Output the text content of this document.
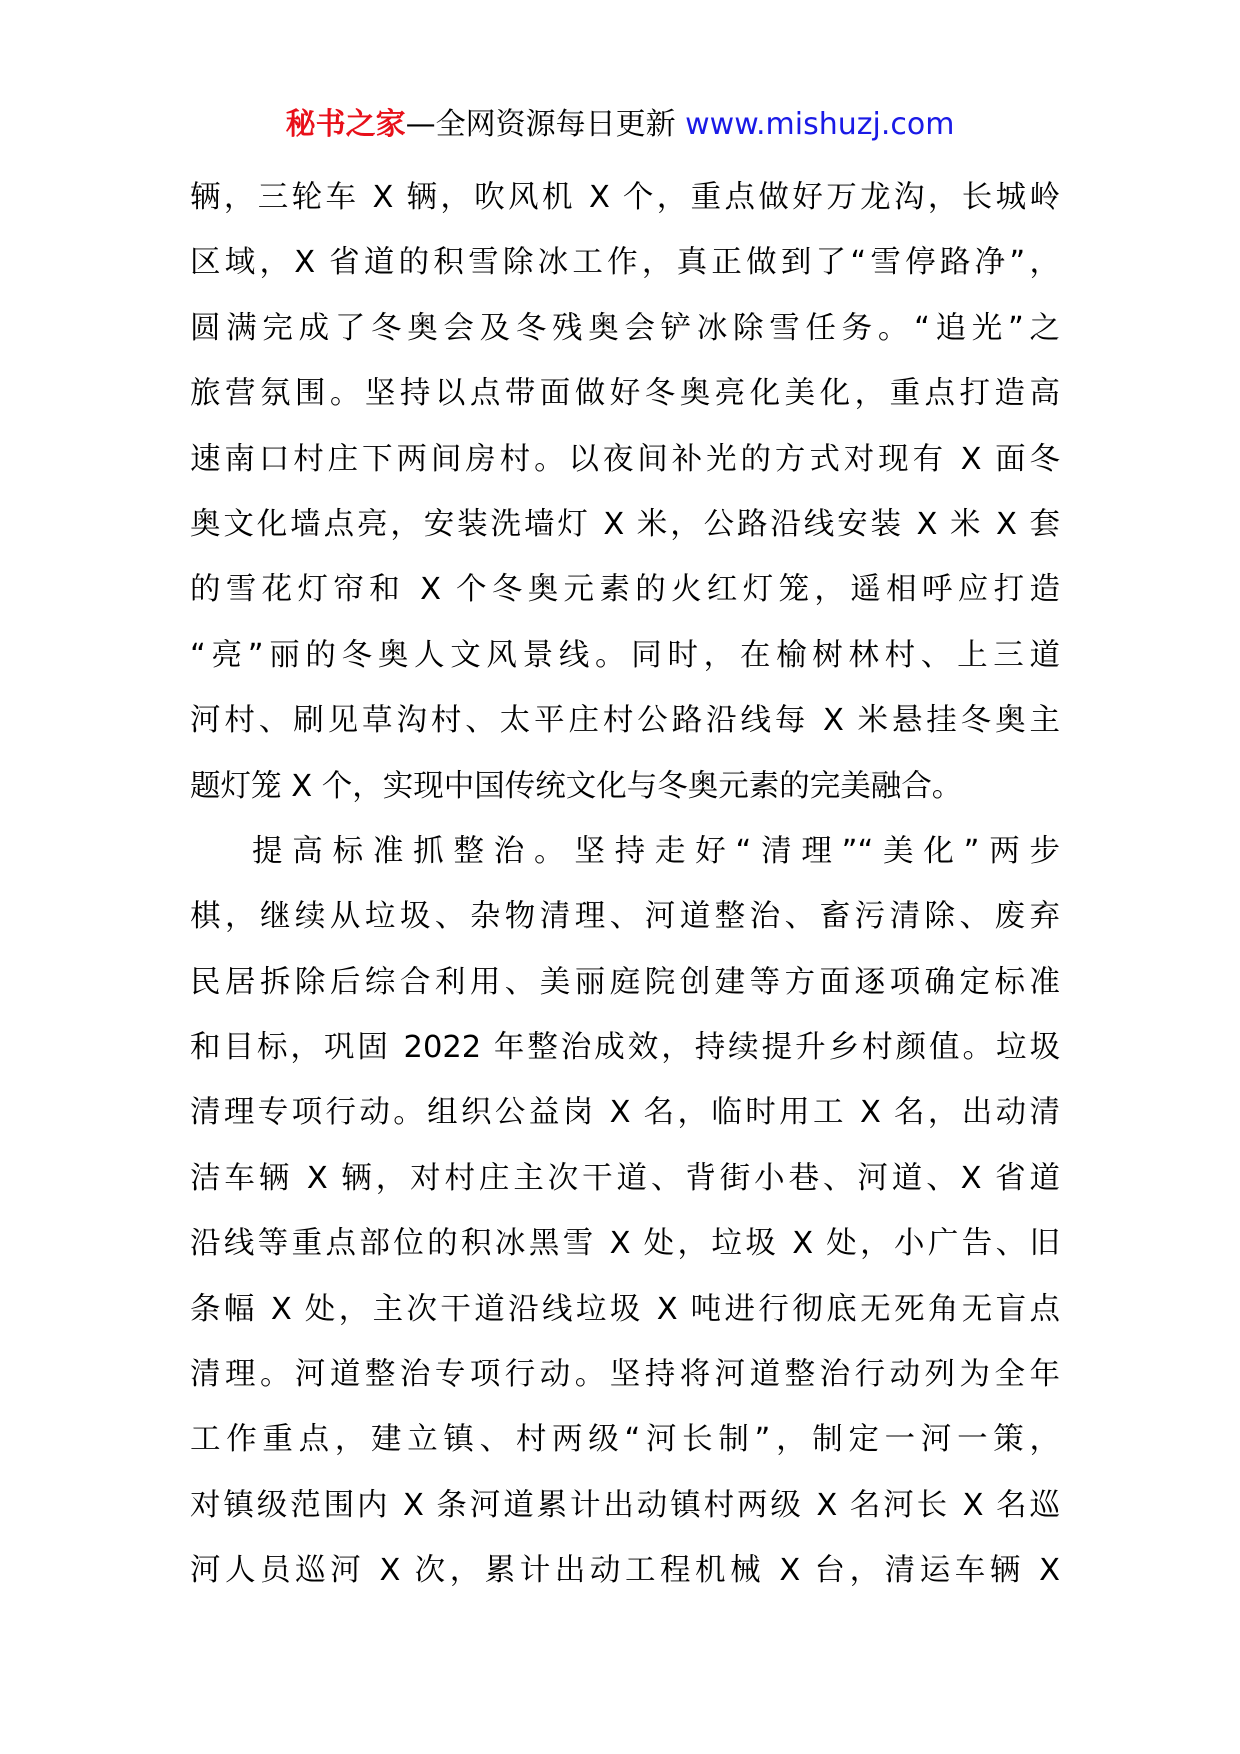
秘书之家—全网资源每日更新 www.mishuzj.com
辆，三轮车 X 辆，吹风机 X 个，重点做好万龙沟，长城岭
区域，X 省道的积雪除冰工作，真正做到了“雪停路净”，
圆满完成了冬奥会及冬残奥会铲冰除雪任务。“追光”之
旅营氛围。坚持以点带面做好冬奥亮化美化，重点打造高
速南口村庄下两间房村。以夜间补光的方式对现有 X 面冬
奥文化墙点亮，安装洗墙灯 X 米，公路沿线安装 X 米 X 套
的雪花灯帘和 X 个冬奥元素的火红灯笼，遥相呼应打造
“亮”丽的冬奥人文风景线。同时，在榆树林村、上三道
河村、刷见草沟村、太平庄村公路沿线每 X 米悬挂冬奥主
题灯笼 X 个，实现中国传统文化与冬奥元素的完美融合。
提高标准抓整治。坚持走好“清理”“美化”两步
棋，继续从垃圾、杂物清理、河道整治、畜污清除、废弃
民居拆除后综合利用、美丽庭院创建等方面逐项确定标准
和目标，巩固 2022 年整治成效，持续提升乡村颜值。垃圾
清理专项行动。组织公益岗 X 名，临时用工 X 名，出动清
洁车辆 X 辆，对村庄主次干道、背街小巷、河道、X 省道
沿线等重点部位的积冰黑雪 X 处，垃圾 X 处，小广告、旧
条幅 X 处，主次干道沿线垃圾 X 吨进行彻底无死角无盲点
清理。河道整治专项行动。坚持将河道整治行动列为全年
工作重点，建立镇、村两级“河长制”，制定一河一策，
对镇级范围内 X 条河道累计出动镇村两级 X 名河长 X 名巡
河人员巡河 X 次，累计出动工程机械 X 台，清运车辆 X
